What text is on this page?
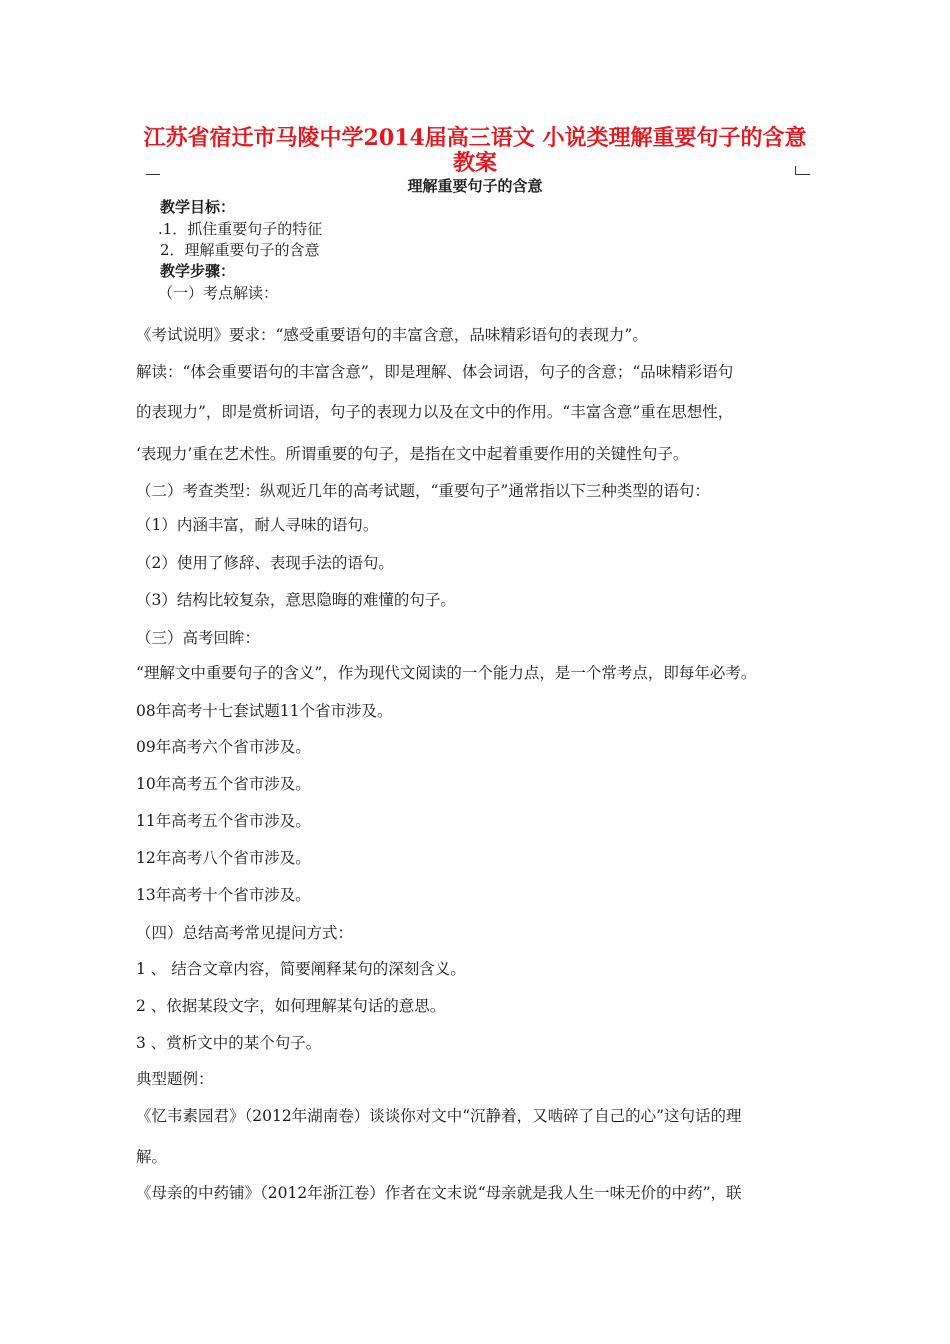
江苏省宿迁市马陵中学2014届高三语文 小说类理解重要句子的含意
教案
理解重要句子的含意
教学目标：
.1．抓住重要句子的特征
2．理解重要句子的含意
教学步骤：
（一）考点解读：
《考试说明》要求：“感受重要语句的丰富含意，品味精彩语句的表现力”。
解读：“体会重要语句的丰富含意”，即是理解、体会词语，句子的含意；“品味精彩语句
的表现力”，即是赏析词语，句子的表现力以及在文中的作用。“丰富含意”重在思想性，
‘表现力’重在艺术性。所谓重要的句子，是指在文中起着重要作用的关键性句子。
（二）考查类型：纵观近几年的高考试题，“重要句子”通常指以下三种类型的语句：
（1）内涵丰富，耐人寻味的语句。
（2）使用了修辞、表现手法的语句。
（3）结构比较复杂，意思隐晦的难懂的句子。
（三）高考回眸：
“理解文中重要句子的含义”，作为现代文阅读的一个能力点，是一个常考点，即每年必考。
08年高考十七套试题11个省市涉及。
09年高考六个省市涉及。
10年高考五个省市涉及。
11年高考五个省市涉及。
12年高考八个省市涉及。
13年高考十个省市涉及。
（四）总结高考常见提问方式：
1 、 结合文章内容，简要阐释某句的深刻含义。
2 、依据某段文字，如何理解某句话的意思。
3 、赏析文中的某个句子。
典型题例：
《忆韦素园君》（2012年湖南卷）谈谈你对文中“沉静着，又啮碎了自己的心”这句话的理
解。
《母亲的中药铺》（2012年浙江卷）作者在文末说“母亲就是我人生一味无价的中药”，联
